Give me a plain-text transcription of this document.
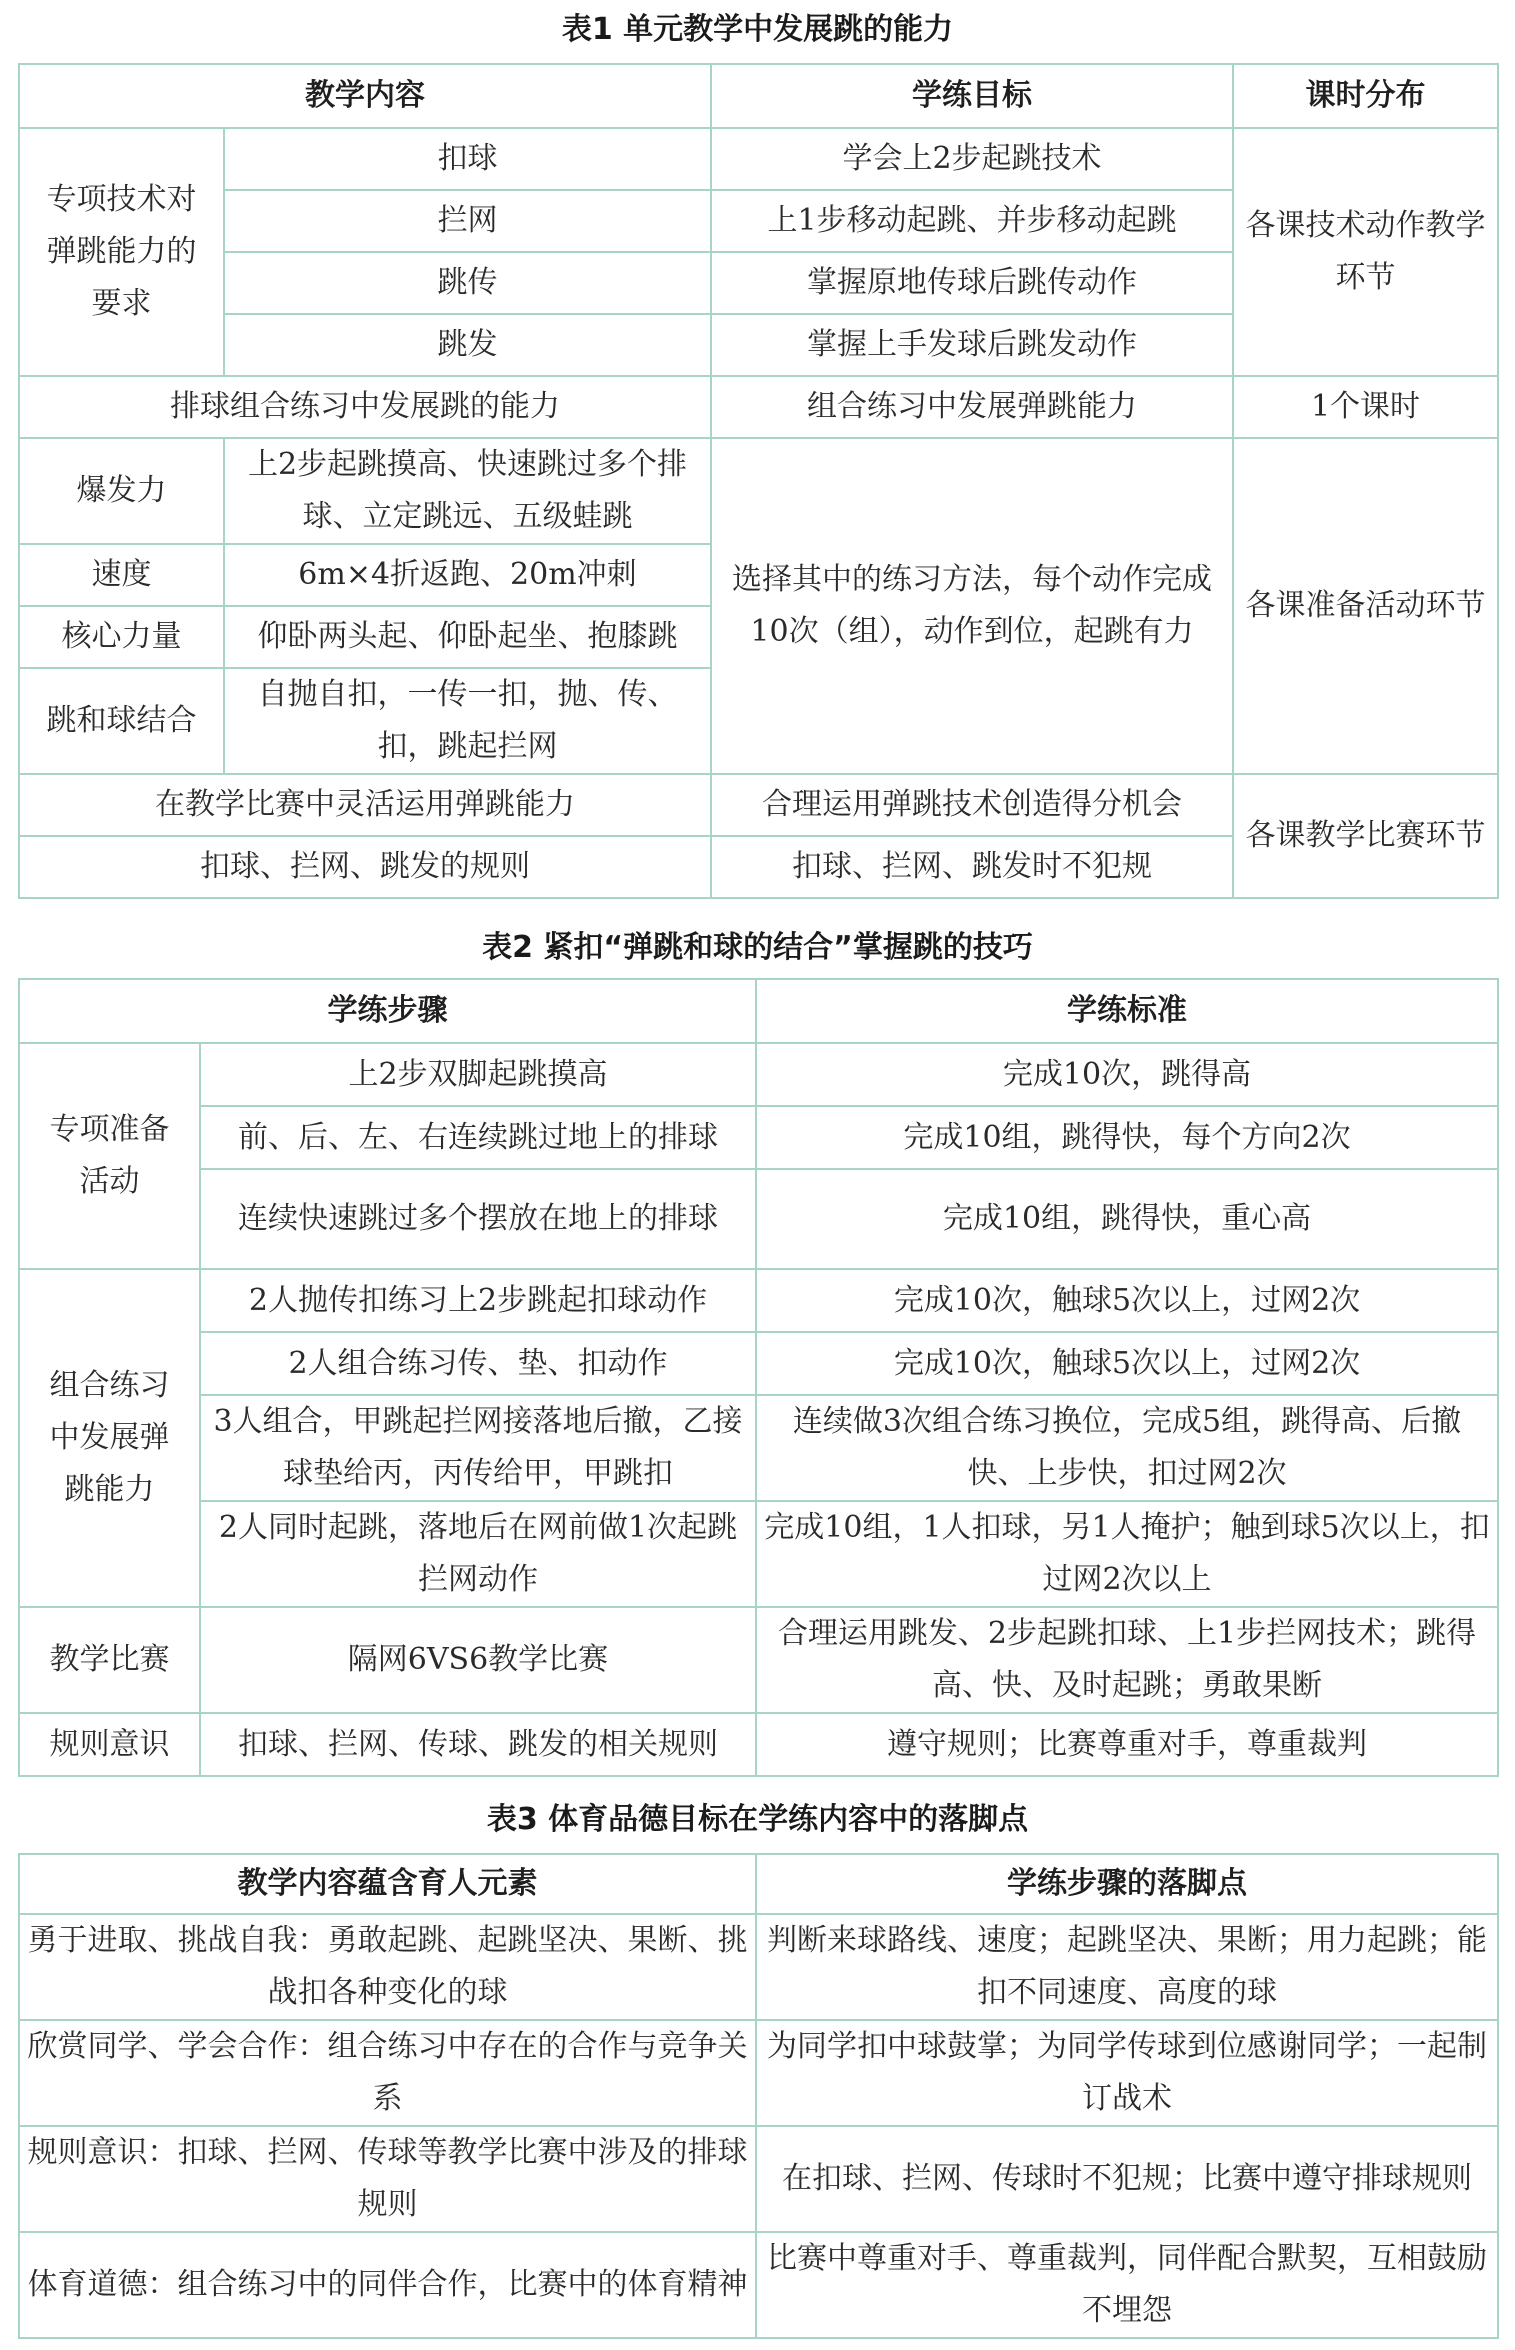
表1 单元教学中发展跳的能力
教学内容		学练目标	课时分布
专项技术对弹跳能力的要求	扣球	学会上2步起跳技术	各课技术动作教学环节
	拦网	上1步移动起跳、并步移动起跳	
	跳传	掌握原地传球后跳传动作	
	跳发	掌握上手发球后跳发动作	
排球组合练习中发展跳的能力		组合练习中发展弹跳能力	1个课时
爆发力	上2步起跳摸高、快速跳过多个排球、立定跳远、五级蛙跳	选择其中的练习方法，每个动作完成10次（组），动作到位，起跳有力	各课准备活动环节
速度	6m×4折返跑、20m冲刺		
核心力量	仰卧两头起、仰卧起坐、抱膝跳		
跳和球结合	自抛自扣，一传一扣，抛、传、扣，跳起拦网		
在教学比赛中灵活运用弹跳能力		合理运用弹跳技术创造得分机会	各课教学比赛环节
扣球、拦网、跳发的规则		扣球、拦网、跳发时不犯规	
表2 紧扣“弹跳和球的结合”掌握跳的技巧
学练步骤		学练标准
专项准备活动	上2步双脚起跳摸高	完成10次，跳得高
	前、后、左、右连续跳过地上的排球	完成10组，跳得快，每个方向2次
	连续快速跳过多个摆放在地上的排球	完成10组，跳得快，重心高
组合练习中发展弹跳能力	2人抛传扣练习上2步跳起扣球动作	完成10次，触球5次以上，过网2次
	2人组合练习传、垫、扣动作	完成10次，触球5次以上，过网2次
	3人组合，甲跳起拦网接落地后撤，乙接球垫给丙，丙传给甲，甲跳扣	连续做3次组合练习换位，完成5组，跳得高、后撤快、上步快，扣过网2次
	2人同时起跳，落地后在网前做1次起跳拦网动作	完成10组，1人扣球，另1人掩护；触到球5次以上，扣过网2次以上
教学比赛	隔网6VS6教学比赛	合理运用跳发、2步起跳扣球、上1步拦网技术；跳得高、快、及时起跳；勇敢果断
规则意识	扣球、拦网、传球、跳发的相关规则	遵守规则；比赛尊重对手，尊重裁判
表3 体育品德目标在学练内容中的落脚点
教学内容蕴含育人元素	学练步骤的落脚点
勇于进取、挑战自我：勇敢起跳、起跳坚决、果断、挑战扣各种变化的球	判断来球路线、速度；起跳坚决、果断；用力起跳；能扣不同速度、高度的球
欣赏同学、学会合作：组合练习中存在的合作与竞争关系	为同学扣中球鼓掌；为同学传球到位感谢同学；一起制订战术
规则意识：扣球、拦网、传球等教学比赛中涉及的排球规则	在扣球、拦网、传球时不犯规；比赛中遵守排球规则
体育道德：组合练习中的同伴合作，比赛中的体育精神	比赛中尊重对手、尊重裁判，同伴配合默契，互相鼓励不埋怨
